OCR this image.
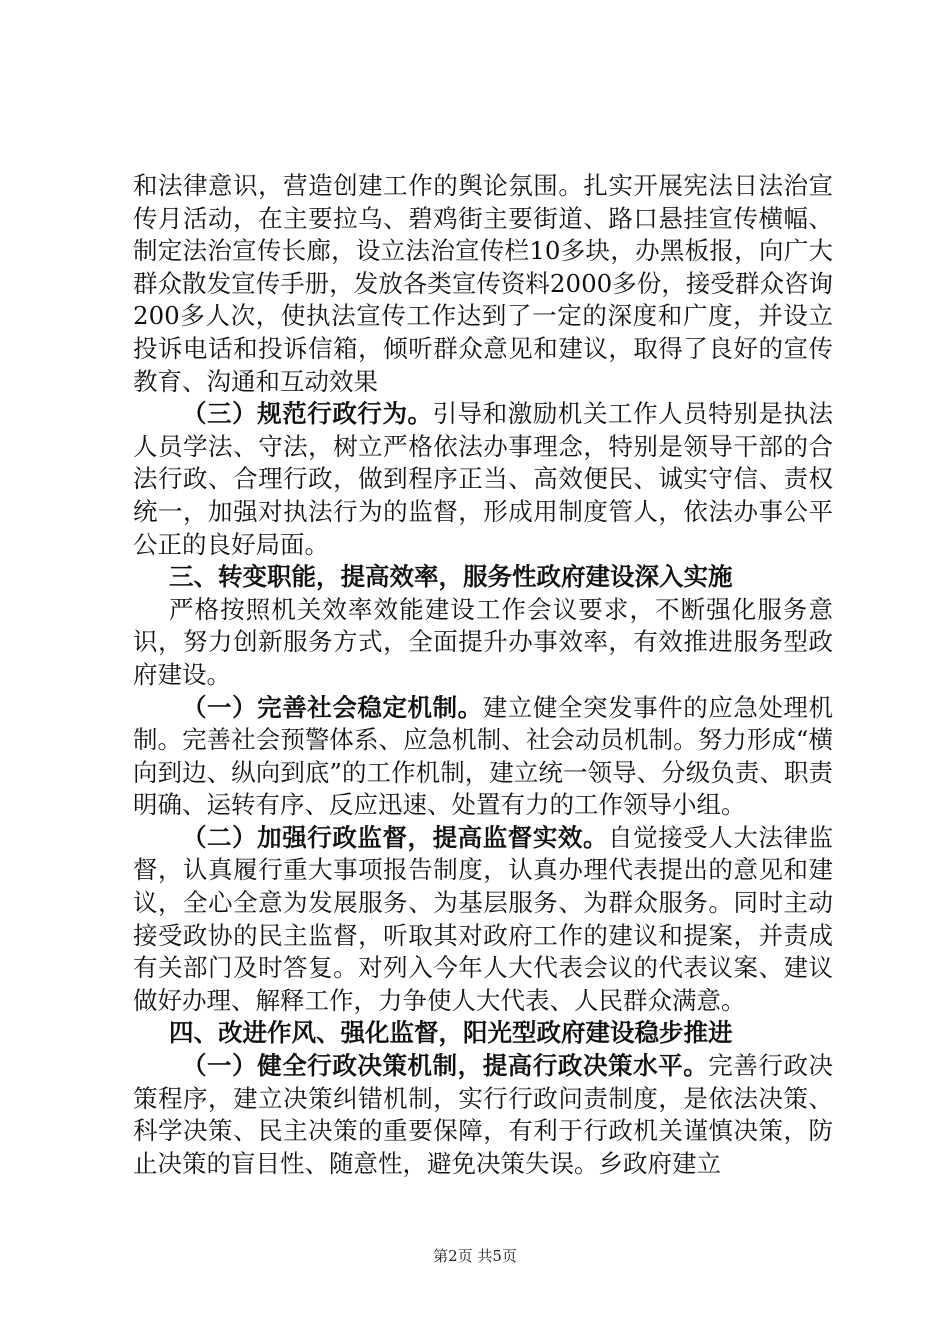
和法律意识，营造创建工作的舆论氛围。扎实开展宪法日法治宣传月活动，在主要拉乌、碧鸡街主要街道、路口悬挂宣传横幅、制定法治宣传长廊，设立法治宣传栏10多块，办黑板报，向广大群众散发宣传手册，发放各类宣传资料2000多份，接受群众咨询200多人次，使执法宣传工作达到了一定的深度和广度，并设立投诉电话和投诉信箱，倾听群众意见和建议，取得了良好的宣传教育、沟通和互动效果

（三）规范行政行为。引导和激励机关工作人员特别是执法人员学法、守法，树立严格依法办事理念，特别是领导干部的合法行政、合理行政，做到程序正当、高效便民、诚实守信、责权统一，加强对执法行为的监督，形成用制度管人，依法办事公平公正的良好局面。

三、转变职能，提高效率，服务性政府建设深入实施

严格按照机关效率效能建设工作会议要求，不断强化服务意识，努力创新服务方式，全面提升办事效率，有效推进服务型政府建设。

（一）完善社会稳定机制。建立健全突发事件的应急处理机制。完善社会预警体系、应急机制、社会动员机制。努力形成“横向到边、纵向到底”的工作机制，建立统一领导、分级负责、职责明确、运转有序、反应迅速、处置有力的工作领导小组。

（二）加强行政监督，提高监督实效。自觉接受人大法律监督，认真履行重大事项报告制度，认真办理代表提出的意见和建议，全心全意为发展服务、为基层服务、为群众服务。同时主动接受政协的民主监督，听取其对政府工作的建议和提案，并责成有关部门及时答复。对列入今年人大代表会议的代表议案、建议做好办理、解释工作，力争使人大代表、人民群众满意。

四、改进作风、强化监督，阳光型政府建设稳步推进

（一）健全行政决策机制，提高行政决策水平。完善行政决策程序，建立决策纠错机制，实行行政问责制度，是依法决策、科学决策、民主决策的重要保障，有利于行政机关谨慎决策，防止决策的盲目性、随意性，避免决策失误。乡政府建立

第2页 共5页
